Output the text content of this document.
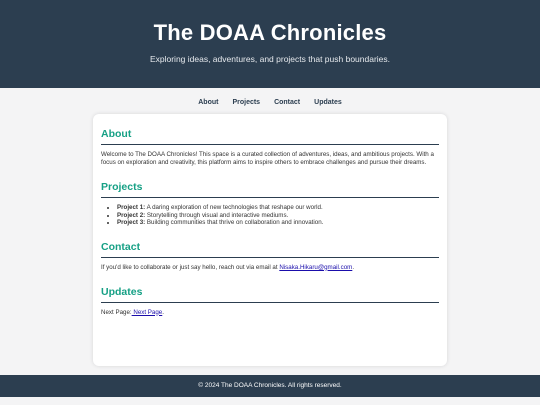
The DOAA Chronicles

Exploring ideas, adventures, and projects that push boundaries.

About Projects Contact Updates
About

Welcome to The DOAA Chronicles! This space is a curated collection of adventures, ideas, and ambitious projects. With a focus on exploration and creativity, this platform aims to inspire others to embrace challenges and pursue their dreams.

Projects
• Project 1: A daring exploration of new technologies that reshape our world.
• Project 2: Storytelling through visual and interactive mediums.
• Project 3: Building communities that thrive on collaboration and innovation.
Contact

If you'd like to collaborate or just say hello, reach out via email at Nisaka.Hikaru@gmail.com.

Updates

Next Page: Next Page.

© 2024 The DOAA Chronicles. All rights reserved.
